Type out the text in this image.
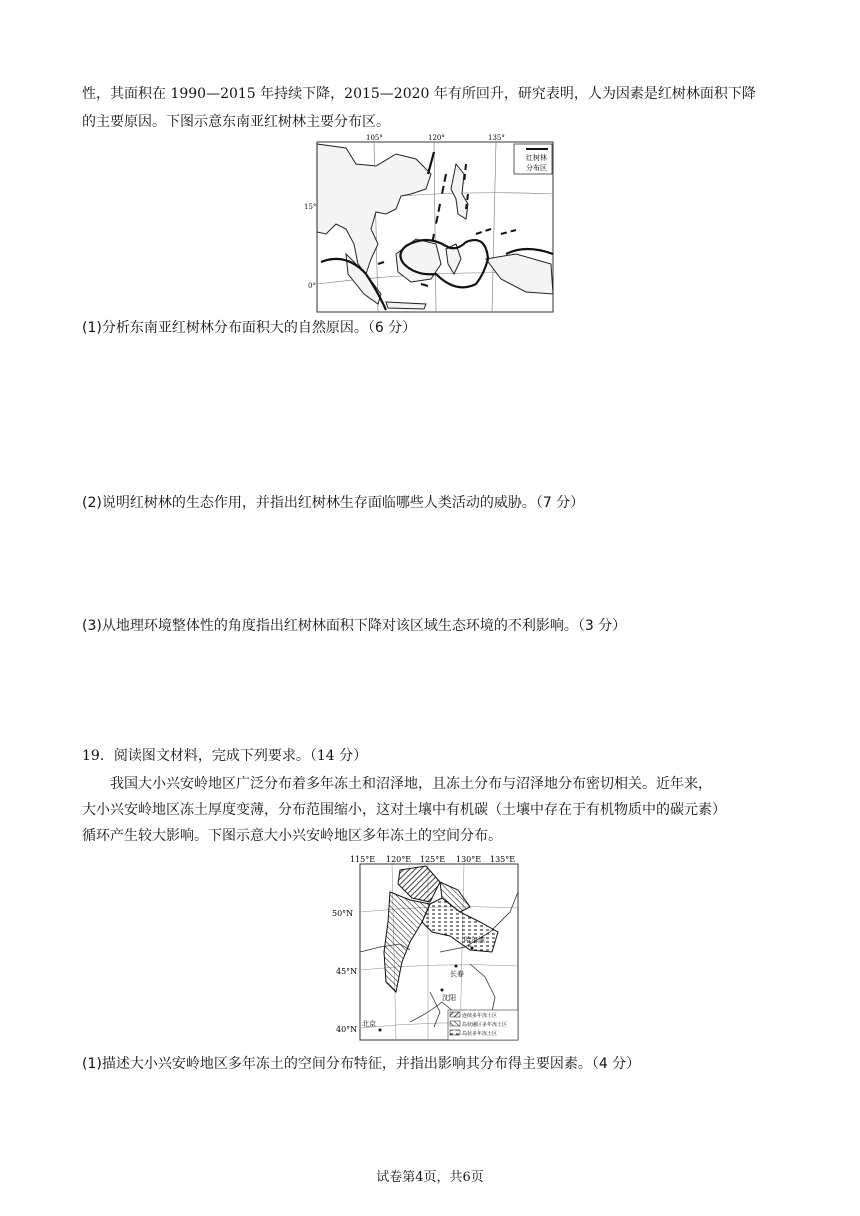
性，其面积在 1990—2015 年持续下降，2015—2020 年有所回升，研究表明，人为因素是红树林面积下降
的主要原因。下图示意东南亚红树林主要分布区。
红树林
分布区
105°	120°	135°
15°
0°
(1)分析东南亚红树林分布面积大的自然原因。（6 分）
(2)说明红树林的生态作用，并指出红树林生存面临哪些人类活动的威胁。（7 分）
(3)从地理环境整体性的角度指出红树林面积下降对该区域生态环境的不利影响。（3 分）
19．阅读图文材料，完成下列要求。（14 分）
我国大小兴安岭地区广泛分布着多年冻土和沼泽地，且冻土分布与沼泽地分布密切相关。近年来，
大小兴安岭地区冻土厚度变薄，分布范围缩小，这对土壤中有机碳（土壤中存在于有机物质中的碳元素）
循环产生较大影响。下图示意大小兴安岭地区多年冻土的空间分布。
115°E 120°E 125°E 130°E 135°E
50°N
45°N
40°N
哈尔滨
长春
沈阳
北京
连续多年冻土区
岛状融区多年冻土区
岛状多年冻土区
(1)描述大小兴安岭地区多年冻土的空间分布特征，并指出影响其分布得主要因素。（4 分）
试卷第4页，共6页
